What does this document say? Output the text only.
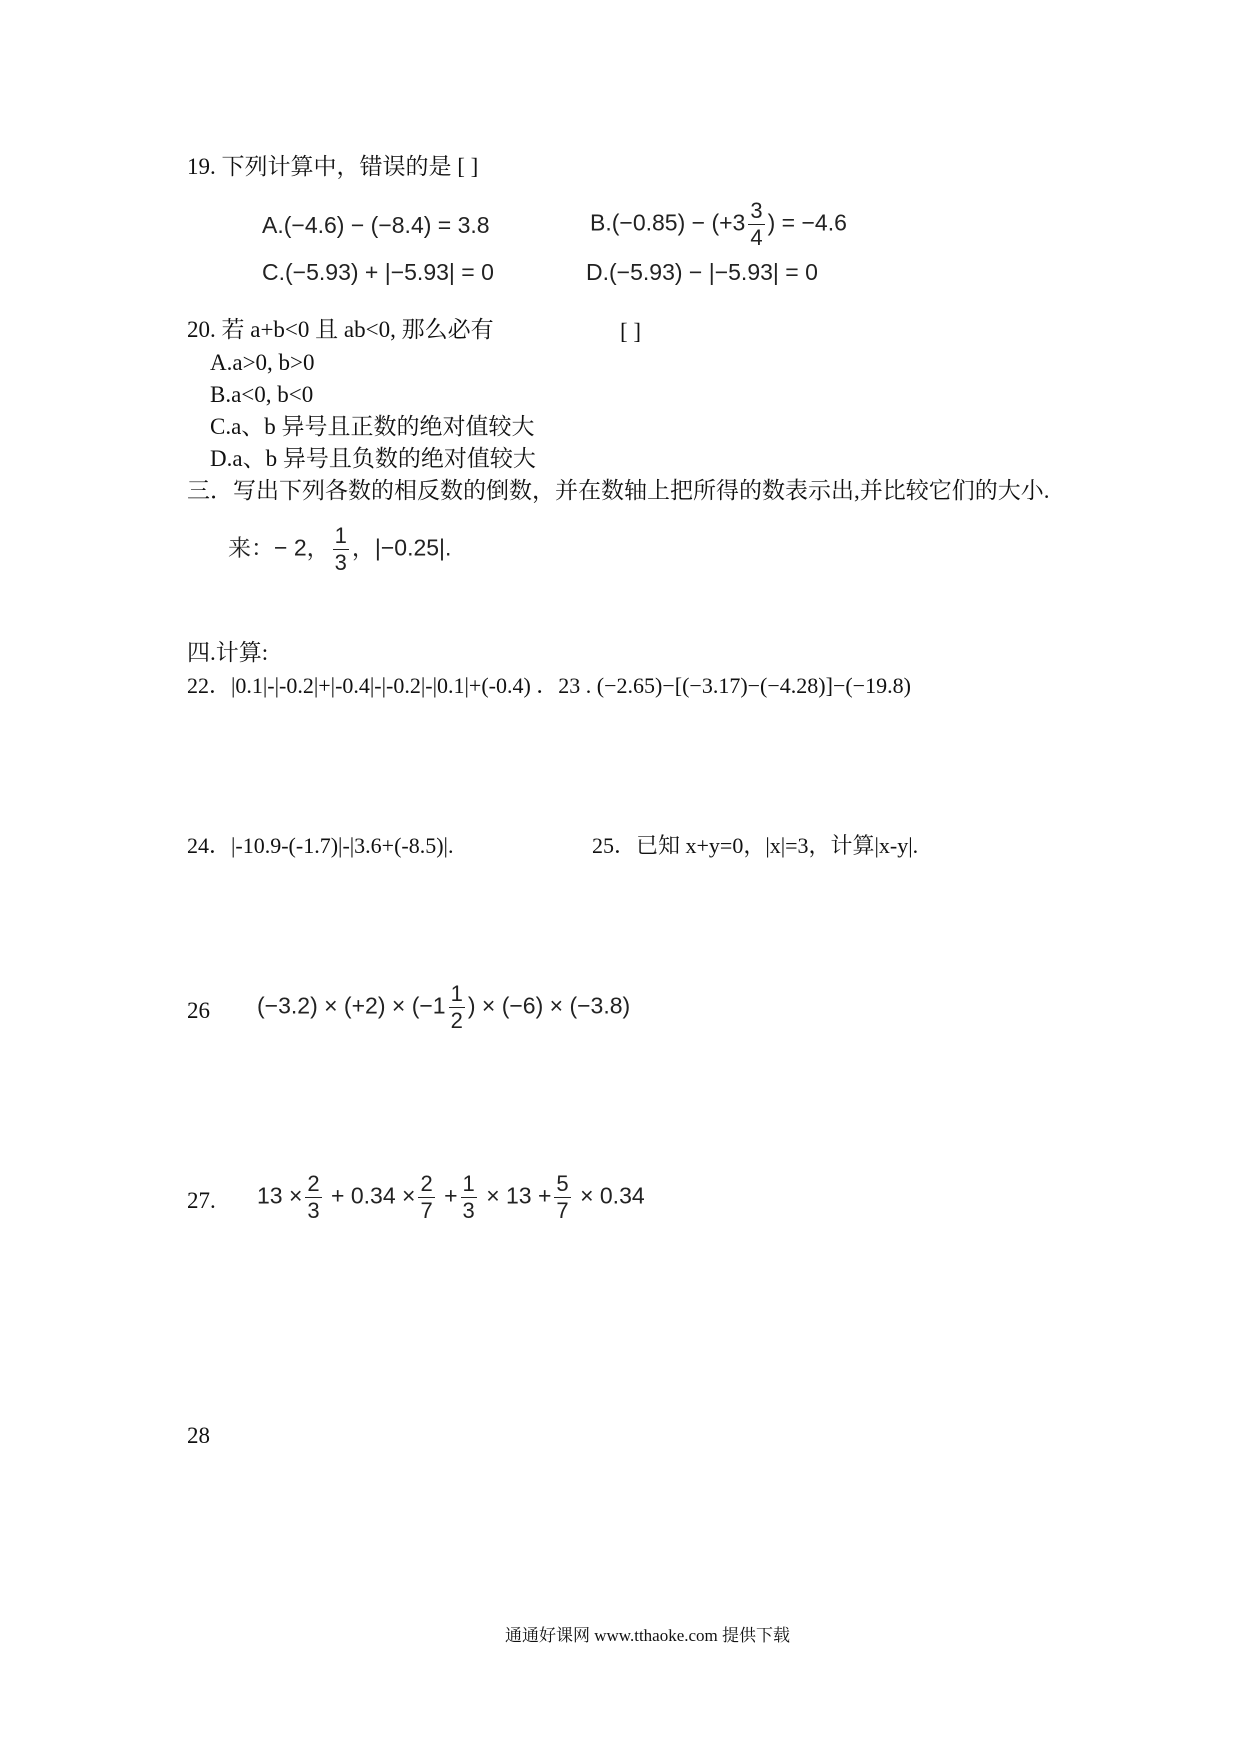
19. 下列计算中，错误的是 [ ]
A.(−4.6) − (−8.4) = 3.8	$B.(-0.85) - (+3 \frac{3}{4}$ ) = −4.6
C.(−5.93) + |−5.93| = 0	D.(−5.93) − |−5.93| = 0
20. 若 a+b<0 且 ab<0, 那么必有	[ ]
A.a>0, b>0
B.a<0, b<0
C.a、b 异号且正数的绝对值较大
D.a、b 异号且负数的绝对值较大
三．写出下列各数的相反数的倒数，并在数轴上把所得的数表示出,并比较它们的大小.
来：− 2， $\frac{1}{3}$ ，|−0.25|.
四.计算:
22．|0.1|-|-0.2|+|-0.4|-|-0.2|-|0.1|+(-0.4) ．23 . (−2.65)−[(−3.17)−(−4.28)]−(−19.8)
24．|-10.9-(-1.7)|-|3.6+(-8.5)|.	25．已知 x+y=0，|x|=3，计算|x-y|.
26 $(-3.2) \times (+2) \times (-1 \frac{1}{2}$ ) × (−6) × (−3.8)
27. $13 \times \frac{2}{3} + 0.34 \times \frac{2}{7} + \frac{1}{3} \times 13 + \frac{5}{7} \times 0.34$
28
通通好课网 www.tthaoke.com 提供下载
